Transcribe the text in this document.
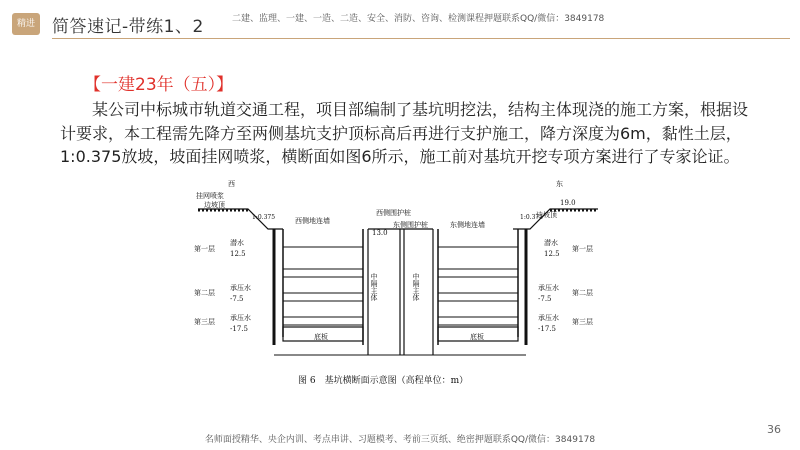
精进 简答速记-带练1、2	二建、监理、一建、一造、二造、安全、消防、咨询、检测课程押题联系QQ/微信：3849178
【一建23年（五）】
某公司中标城市轨道交通工程，项目部编制了基坑明挖法，结构主体现浇的施工方案，根据设计要求，本工程需先降方至两侧基坑支护顶标高后再进行支护施工，降方深度为6m，黏性土层，1:0.375放坡，坡面挂网喷浆，横断面如图6所示，施工前对基坑开挖专项方案进行了专家论证。
挂网喷浆
西	东
边坡顶
边坡顶
1:0.375	1:0.375
19.0
西侧地连墙
西侧围护桩
13.0
东侧围护桩	东侧地连墙
潜水
12.5
第一层
第二层
第三层
承压水
-7.5
承压水
-17.5
潜水
12.5
第一层
第二层
第三层
承压水
-7.5
承压水
-17.5
中隔主体	中隔主体
底板	底板
图 6　基坑横断面示意图（高程单位：m）
36
名师面授精华、央企内训、考点串讲、习题模考、考前三页纸、绝密押题联系QQ/微信：3849178
